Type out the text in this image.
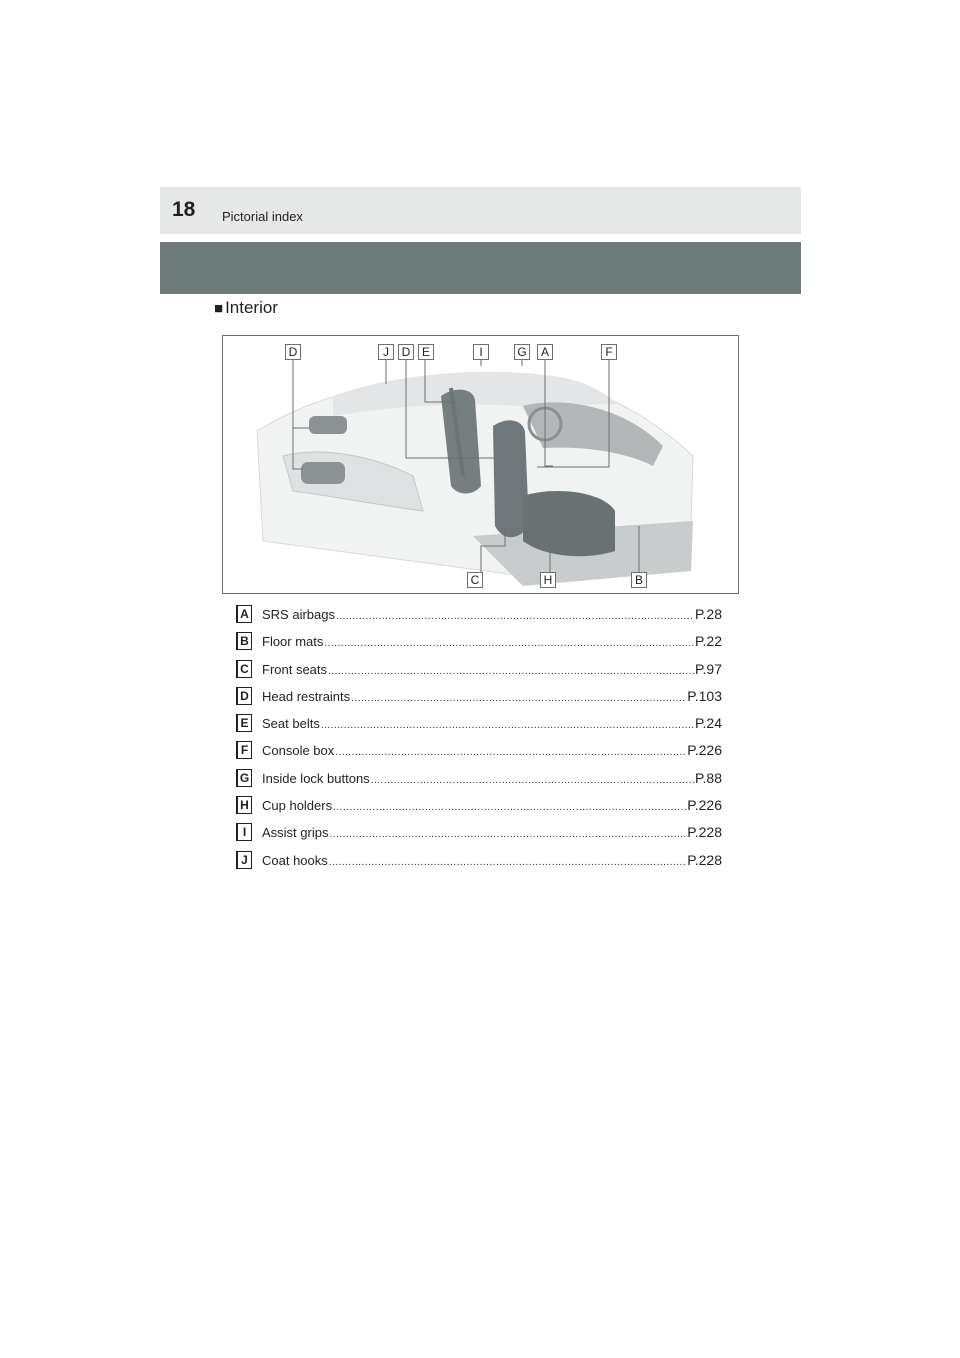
18 Pictorial index
■ Interior
D	J	D E	I	G	A	F
C	H	B
A SRS airbags .....	P.28
B Floor mats .....	P.22
C Front seats .....	P.97
D Head restraints .....	P.103
E Seat belts .....	P.24
F Console box .....	P.226
G Inside lock buttons .....	P.88
H Cup holders .....	P.226
I	Assist grips .....	P.228
J	Coat hooks .....	P.228
